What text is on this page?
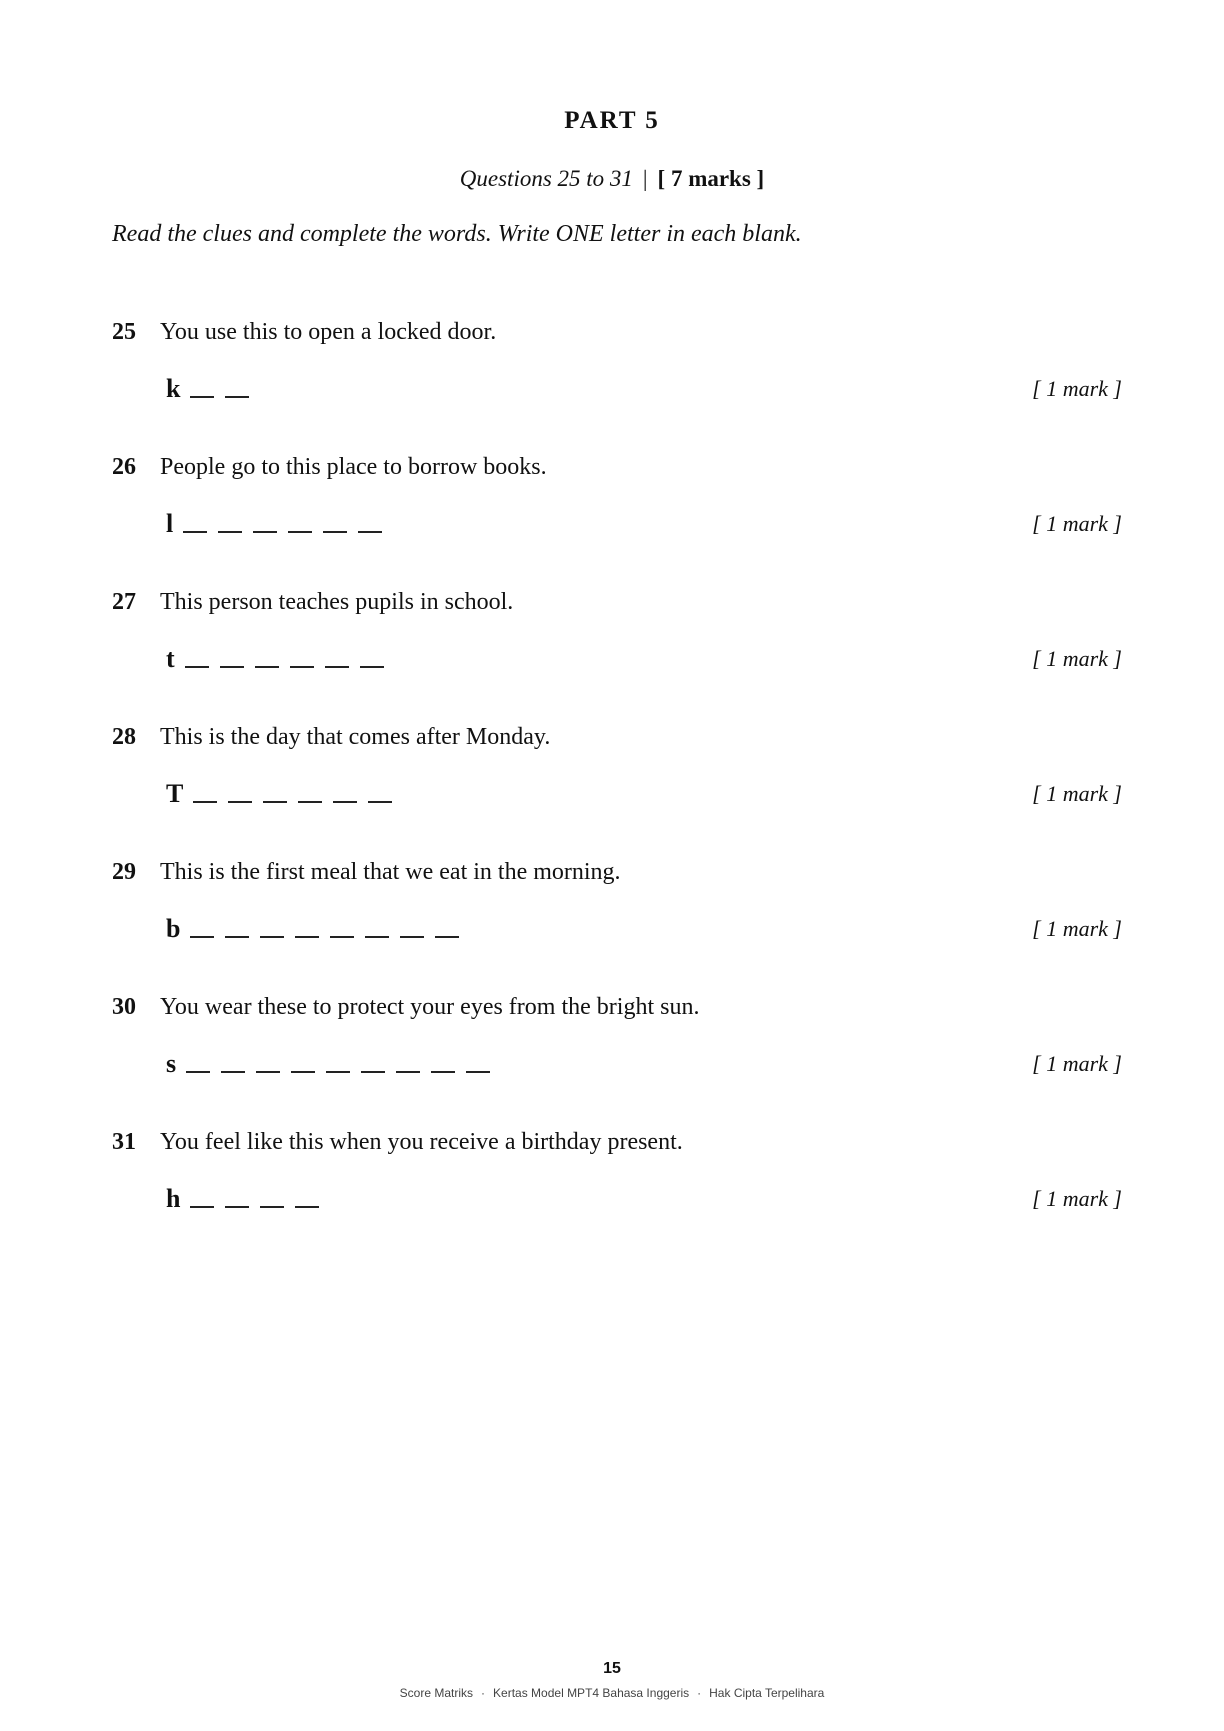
PART 5
Questions 25 to 31 | [ 7 marks ]
Read the clues and complete the words. Write ONE letter in each blank.
25 You use this to open a locked door.
k	[ 1 mark ]
26 People go to this place to borrow books.
l	[ 1 mark ]
27 This person teaches pupils in school.
t	[ 1 mark ]
28 This is the day that comes after Monday.
T	[ 1 mark ]
29 This is the first meal that we eat in the morning.
b	[ 1 mark ]
30 You wear these to protect your eyes from the bright sun.
s	[ 1 mark ]
31 You feel like this when you receive a birthday present.
h	[ 1 mark ]
15
Score Matriks · Kertas Model MPT4 Bahasa Inggeris · Hak Cipta Terpelihara
